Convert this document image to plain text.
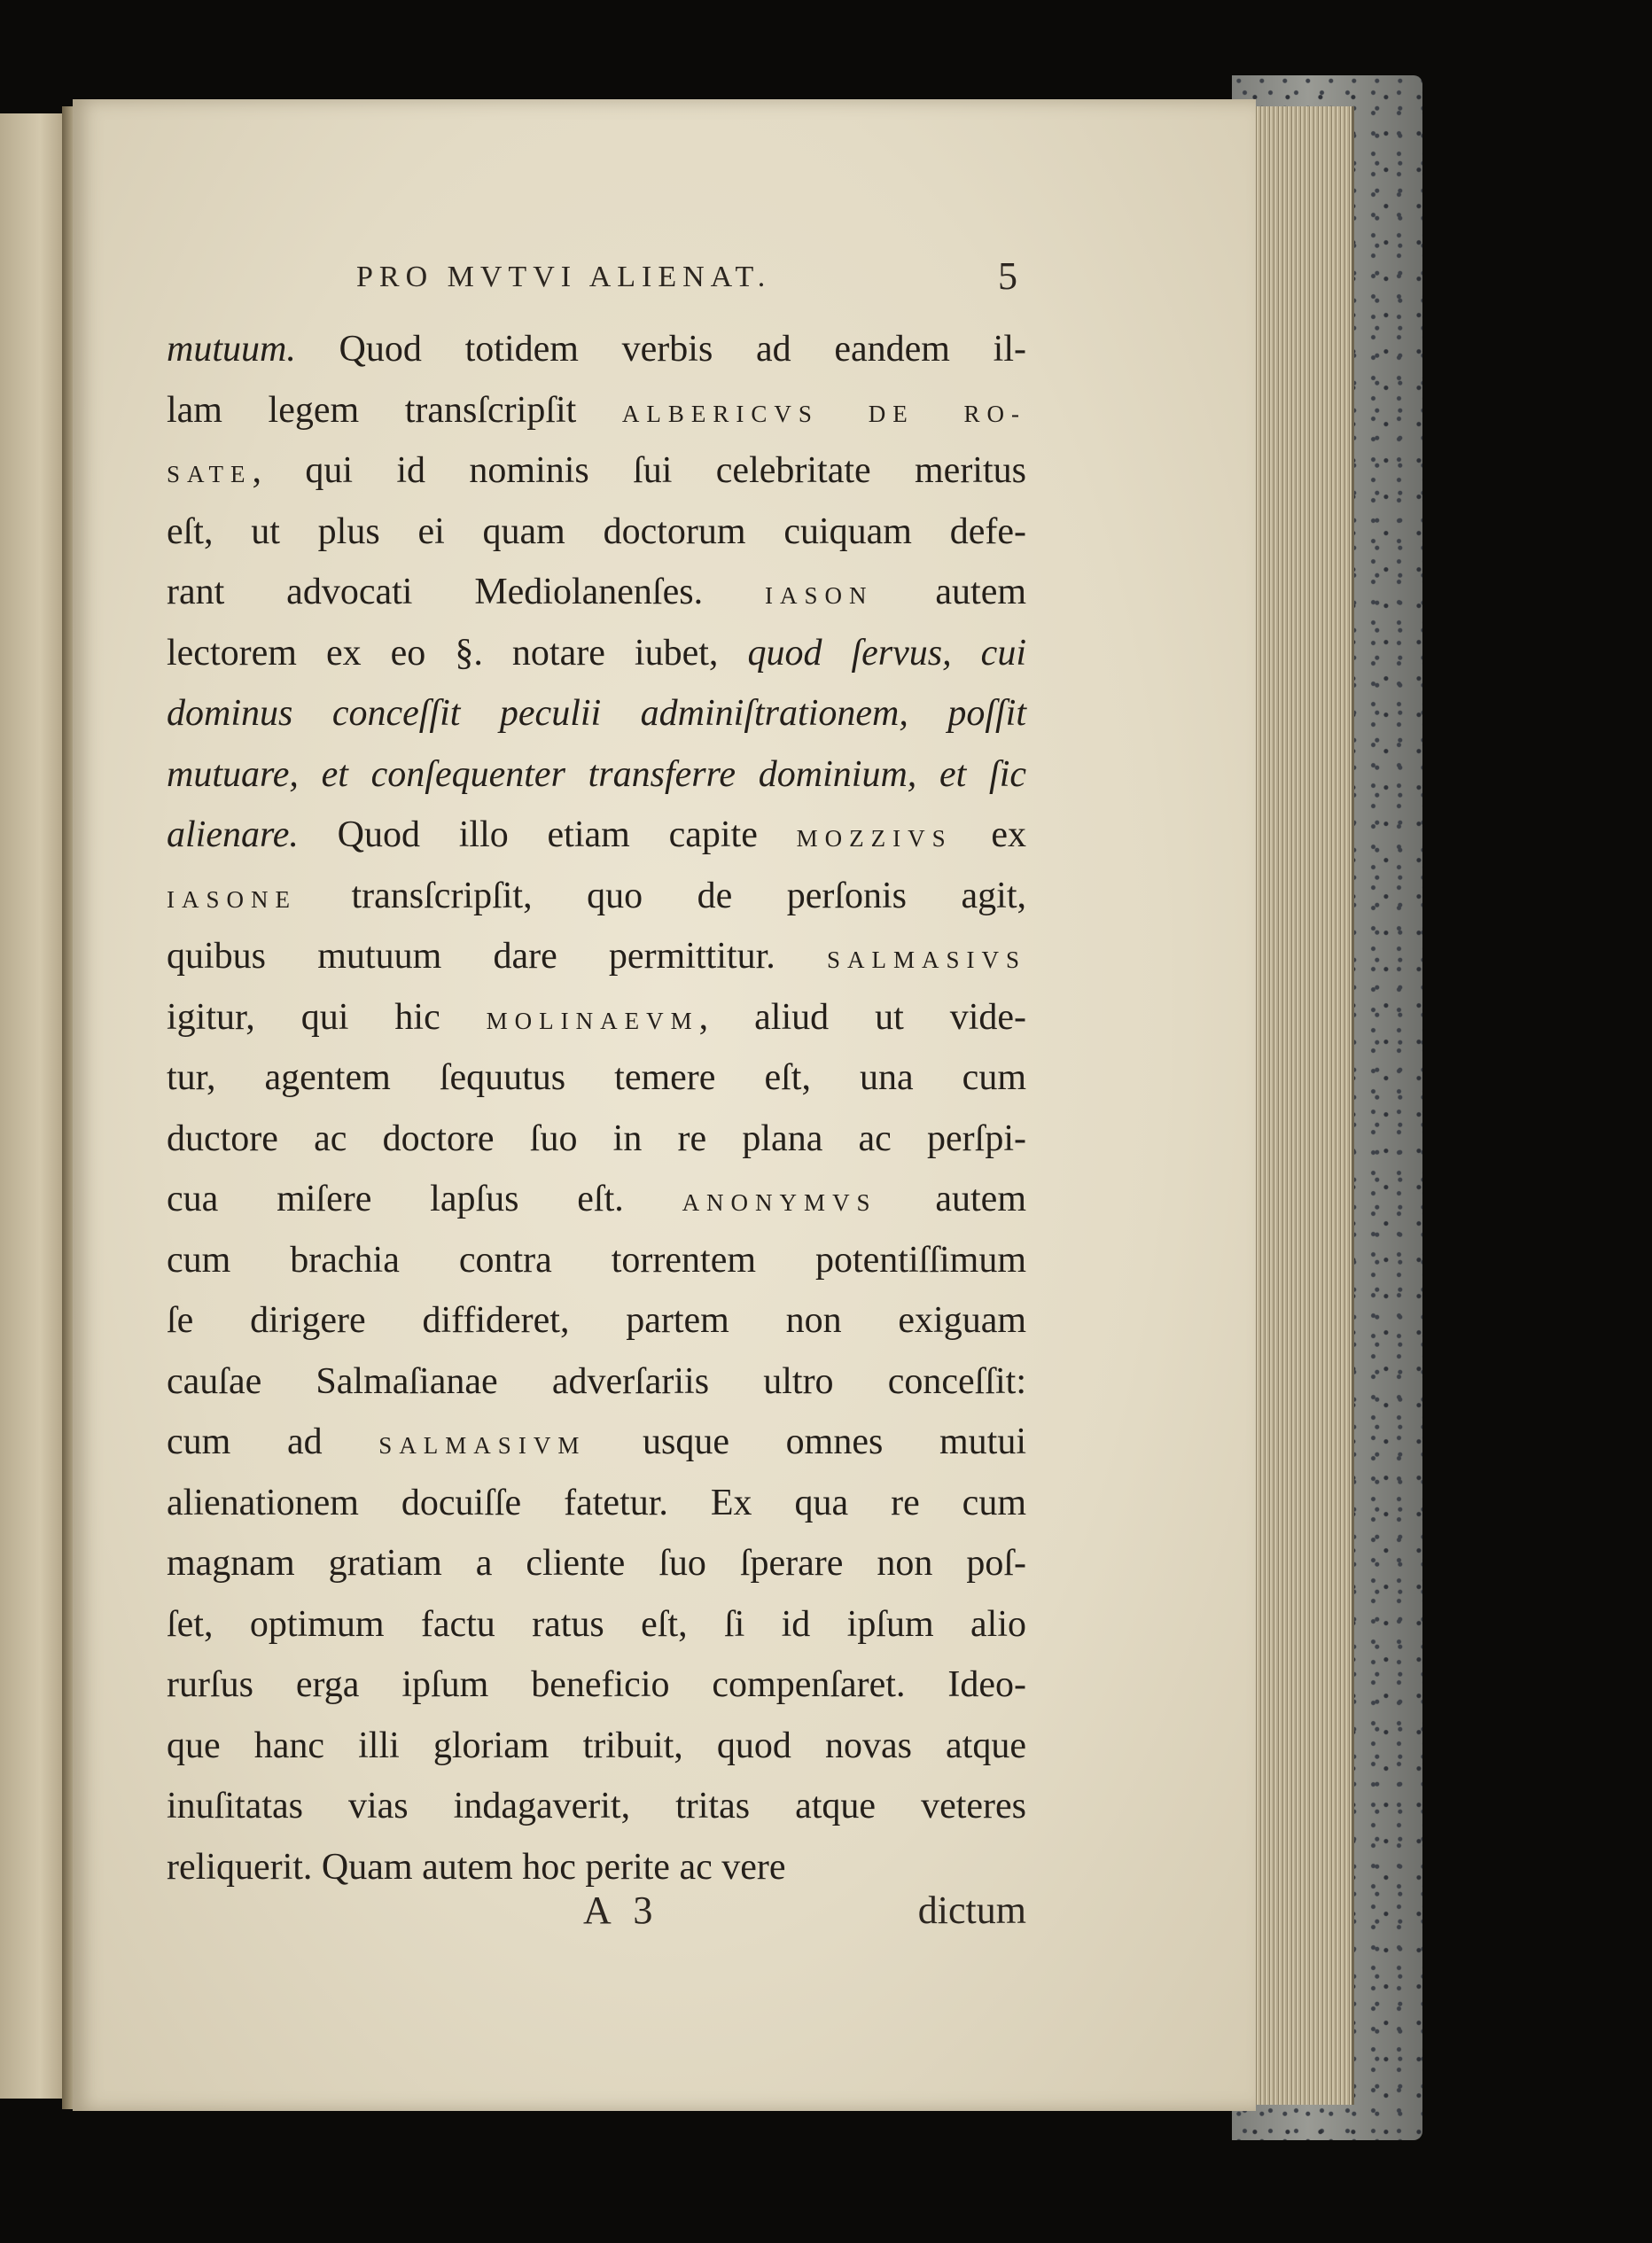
PRO MVTVI ALIENAT.	5
mutuum. Quod totidem verbis ad eandem il-
lam legem transſcripſit ALBERICVS DE RO-
SATE, qui id nominis ſui celebritate meritus
eſt, ut plus ei quam doctorum cuiquam defe-
rant advocati Mediolanenſes. IASON autem
lectorem ex eo §. notare iubet, quod ſervus, cui
dominus conceſſit peculii adminiſtrationem, poſſit
mutuare, et conſequenter transferre dominium, et ſic
alienare. Quod illo etiam capite MOZZIVS ex
IASONE transſcripſit, quo de perſonis agit,
quibus mutuum dare permittitur. SALMASIVS
igitur, qui hic MOLINAEVM, aliud ut vide-
tur, agentem ſequutus temere eſt, una cum
ductore ac doctore ſuo in re plana ac perſpi-
cua miſere lapſus eſt. ANONYMVS autem
cum brachia contra torrentem potentiſſimum
ſe dirigere diffideret, partem non exiguam
cauſae Salmaſianae adverſariis ultro conceſſit:
cum ad SALMASIVM usque omnes mutui
alienationem docuiſſe fatetur. Ex qua re cum
magnam gratiam a cliente ſuo ſperare non poſ-
ſet, optimum factu ratus eſt, ſi id ipſum alio
rurſus erga ipſum beneficio compenſaret. Ideo-
que hanc illi gloriam tribuit, quod novas atque
inuſitatas vias indagaverit, tritas atque veteres
reliquerit. Quam autem hoc perite ac vere
A 3	dictum
